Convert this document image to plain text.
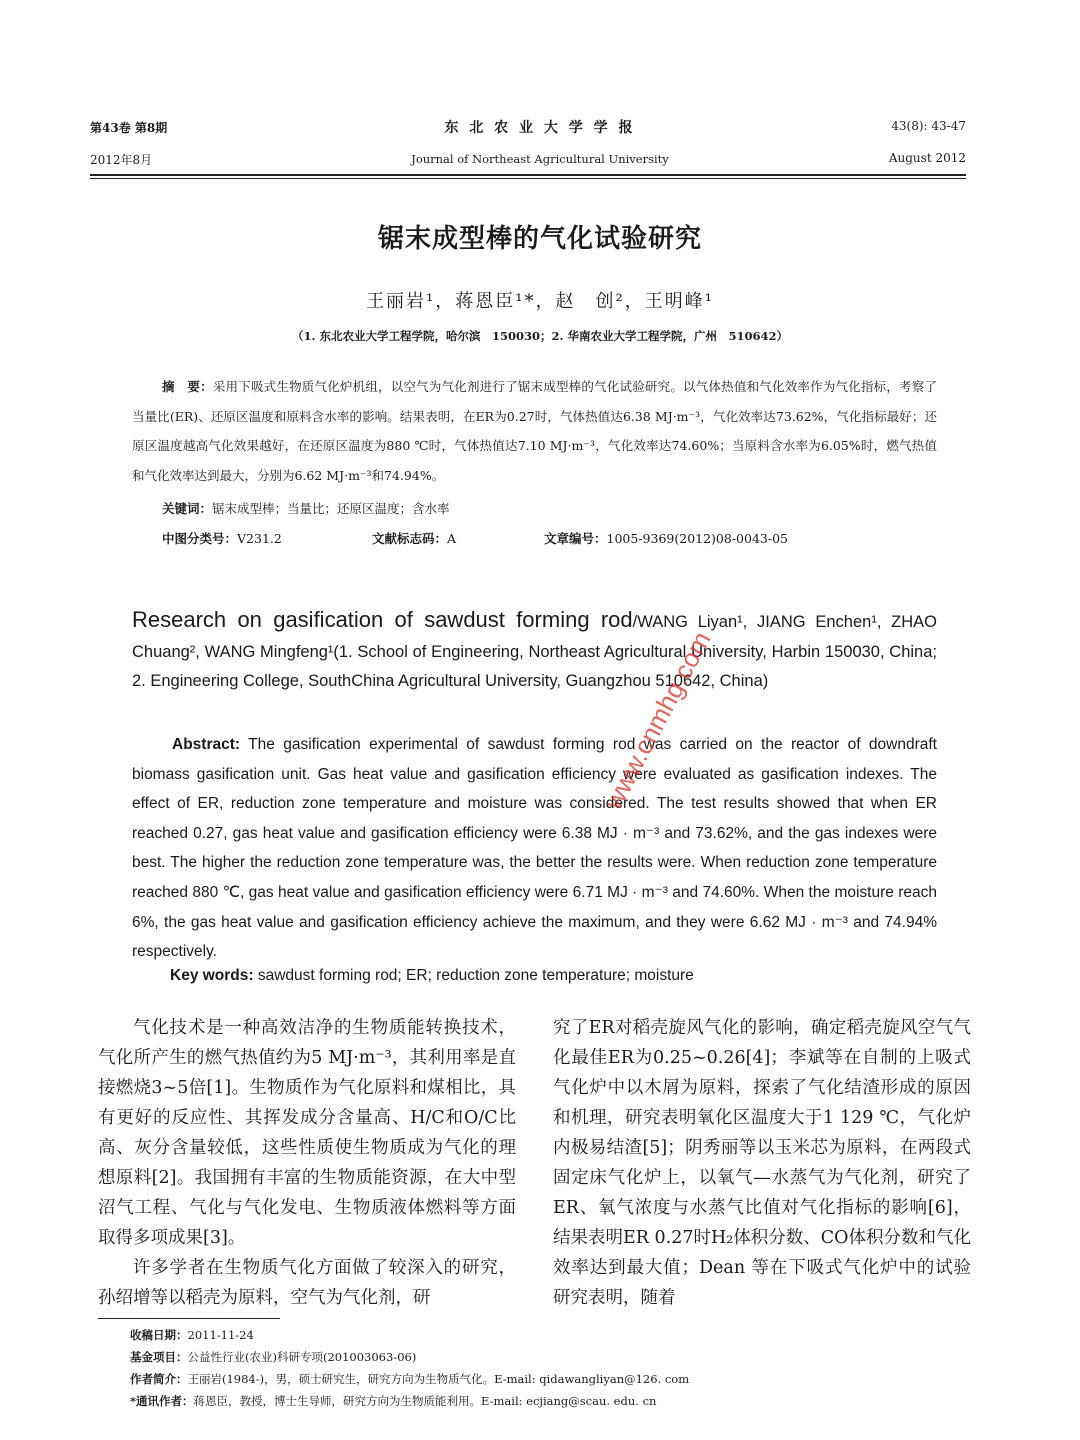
第43卷 第8期	东 北 农 业 大 学 学 报	43(8): 43-47
2012年8月	Journal of Northeast Agricultural University	August 2012
锯末成型棒的气化试验研究
王丽岩¹，蒋恩臣¹*，赵　创²，王明峰¹
（1. 东北农业大学工程学院，哈尔滨　150030；2. 华南农业大学工程学院，广州　510642）
摘　要：采用下吸式生物质气化炉机组，以空气为气化剂进行了锯末成型棒的气化试验研究。以气体热值和气化效率作为气化指标，考察了当量比(ER)、还原区温度和原料含水率的影响。结果表明，在ER为0.27时，气体热值达6.38 MJ·m⁻³，气化效率达73.62%，气化指标最好；还原区温度越高气化效果越好，在还原区温度为880 ℃时，气体热值达7.10 MJ·m⁻³，气化效率达74.60%；当原料含水率为6.05%时，燃气热值和气化效率达到最大，分别为6.62 MJ·m⁻³和74.94%。
关键词：锯末成型棒；当量比；还原区温度；含水率
中图分类号：V231.2	文献标志码：A	文章编号：1005-9369(2012)08-0043-05
Research on gasification of sawdust forming rod/WANG Liyan¹, JIANG Enchen¹, ZHAO Chuang², WANG Mingfeng¹(1. School of Engineering, Northeast Agricultural University, Harbin 150030, China; 2. Engineering College, SouthChina Agricultural University, Guangzhou 510642, China)
Abstract: The gasification experimental of sawdust forming rod was carried on the reactor of downdraft biomass gasification unit. Gas heat value and gasification efficiency were evaluated as gasification indexes. The effect of ER, reduction zone temperature and moisture was considered. The test results showed that when ER reached 0.27, gas heat value and gasification efficiency were 6.38 MJ · m⁻³ and 73.62%, and the gas indexes were best. The higher the reduction zone temperature was, the better the results were. When reduction zone temperature reached 880 ℃, gas heat value and gasification efficiency were 6.71 MJ · m⁻³ and 74.60%. When the moisture reach 6%, the gas heat value and gasification efficiency achieve the maximum, and they were 6.62 MJ · m⁻³ and 74.94% respectively.
Key words: sawdust forming rod; ER; reduction zone temperature; moisture

气化技术是一种高效洁净的生物质能转换技术，气化所产生的燃气热值约为5 MJ·m⁻³，其利用率是直接燃烧3~5倍[1]。生物质作为气化原料和煤相比，具有更好的反应性、其挥发成分含量高、H/C和O/C比高、灰分含量较低，这些性质使生物质成为气化的理想原料[2]。我国拥有丰富的生物质能资源，在大中型沼气工程、气化与气化发电、生物质液体燃料等方面取得多项成果[3]。

许多学者在生物质气化方面做了较深入的研究，孙绍增等以稻壳为原料，空气为气化剂，研

究了ER对稻壳旋风气化的影响，确定稻壳旋风空气气化最佳ER为0.25~0.26[4]；李斌等在自制的上吸式气化炉中以木屑为原料，探索了气化结渣形成的原因和机理，研究表明氧化区温度大于1 129 ℃，气化炉内极易结渣[5]；阴秀丽等以玉米芯为原料，在两段式固定床气化炉上，以氧气—水蒸气为气化剂，研究了ER、氧气浓度与水蒸气比值对气化指标的影响[6]，结果表明ER 0.27时H₂体积分数、CO体积分数和气化效率达到最大值；Dean 等在下吸式气化炉中的试验研究表明，随着

收稿日期：2011-11-24
基金项目：公益性行业(农业)科研专项(201003063-06)
作者简介：王丽岩(1984-)，男，硕士研究生，研究方向为生物质气化。E-mail: qidawangliyan@126. com
*通讯作者：蒋恩臣，教授，博士生导师，研究方向为生物质能利用。E-mail: ecjiang@scau. edu. cn
www.cnmhg.com
